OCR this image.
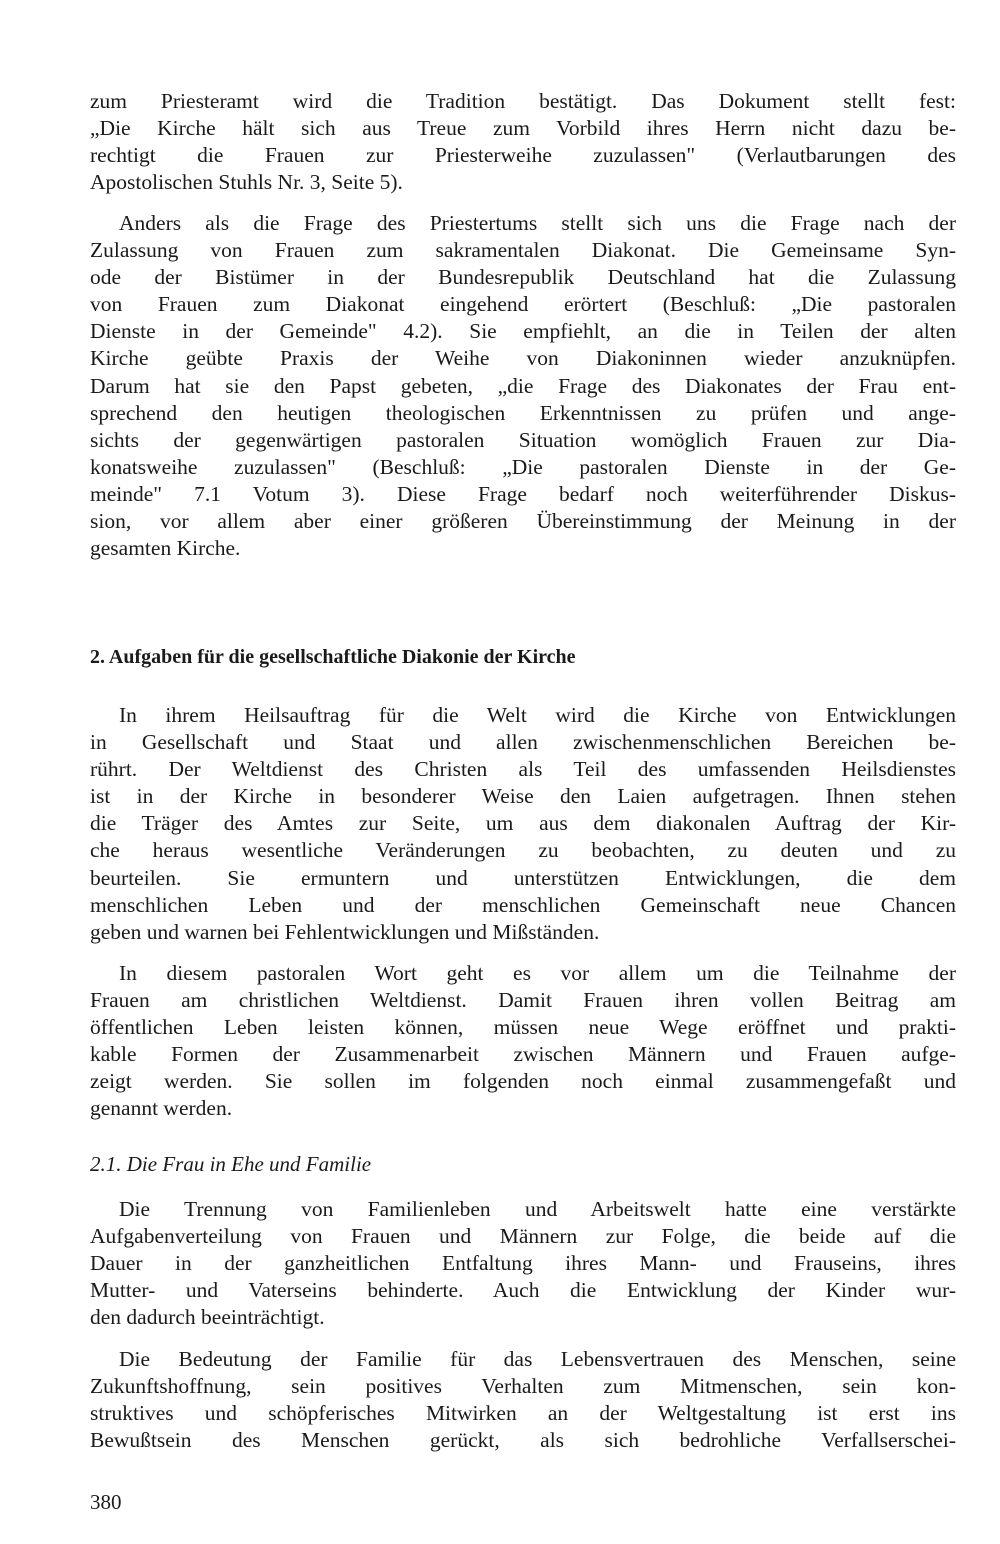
zum Priesteramt wird die Tradition bestätigt. Das Dokument stellt fest:
„Die Kirche hält sich aus Treue zum Vorbild ihres Herrn nicht dazu be-
rechtigt die Frauen zur Priesterweihe zuzulassen" (Verlautbarungen des
Apostolischen Stuhls Nr. 3, Seite 5).

Anders als die Frage des Priestertums stellt sich uns die Frage nach der
Zulassung von Frauen zum sakramentalen Diakonat. Die Gemeinsame Syn-
ode der Bistümer in der Bundesrepublik Deutschland hat die Zulassung
von Frauen zum Diakonat eingehend erörtert (Beschluß: „Die pastoralen
Dienste in der Gemeinde" 4.2). Sie empfiehlt, an die in Teilen der alten
Kirche geübte Praxis der Weihe von Diakoninnen wieder anzuknüpfen.
Darum hat sie den Papst gebeten, „die Frage des Diakonates der Frau ent-
sprechend den heutigen theologischen Erkenntnissen zu prüfen und ange-
sichts der gegenwärtigen pastoralen Situation womöglich Frauen zur Dia-
konatsweihe zuzulassen" (Beschluß: „Die pastoralen Dienste in der Ge-
meinde" 7.1 Votum 3). Diese Frage bedarf noch weiterführender Diskus-
sion, vor allem aber einer größeren Übereinstimmung der Meinung in der
gesamten Kirche.

2. Aufgaben für die gesellschaftliche Diakonie der Kirche

In ihrem Heilsauftrag für die Welt wird die Kirche von Entwicklungen
in Gesellschaft und Staat und allen zwischenmenschlichen Bereichen be-
rührt. Der Weltdienst des Christen als Teil des umfassenden Heilsdienstes
ist in der Kirche in besonderer Weise den Laien aufgetragen. Ihnen stehen
die Träger des Amtes zur Seite, um aus dem diakonalen Auftrag der Kir-
che heraus wesentliche Veränderungen zu beobachten, zu deuten und zu
beurteilen. Sie ermuntern und unterstützen Entwicklungen, die dem
menschlichen Leben und der menschlichen Gemeinschaft neue Chancen
geben und warnen bei Fehlentwicklungen und Mißständen.

In diesem pastoralen Wort geht es vor allem um die Teilnahme der
Frauen am christlichen Weltdienst. Damit Frauen ihren vollen Beitrag am
öffentlichen Leben leisten können, müssen neue Wege eröffnet und prakti-
kable Formen der Zusammenarbeit zwischen Männern und Frauen aufge-
zeigt werden. Sie sollen im folgenden noch einmal zusammengefaßt und
genannt werden.

2.1. Die Frau in Ehe und Familie

Die Trennung von Familienleben und Arbeitswelt hatte eine verstärkte
Aufgabenverteilung von Frauen und Männern zur Folge, die beide auf die
Dauer in der ganzheitlichen Entfaltung ihres Mann- und Frauseins, ihres
Mutter- und Vaterseins behinderte. Auch die Entwicklung der Kinder wur-
den dadurch beeinträchtigt.

Die Bedeutung der Familie für das Lebensvertrauen des Menschen, seine
Zukunftshoffnung, sein positives Verhalten zum Mitmenschen, sein kon-
struktives und schöpferisches Mitwirken an der Weltgestaltung ist erst ins
Bewußtsein des Menschen gerückt, als sich bedrohliche Verfallserschei-

380
